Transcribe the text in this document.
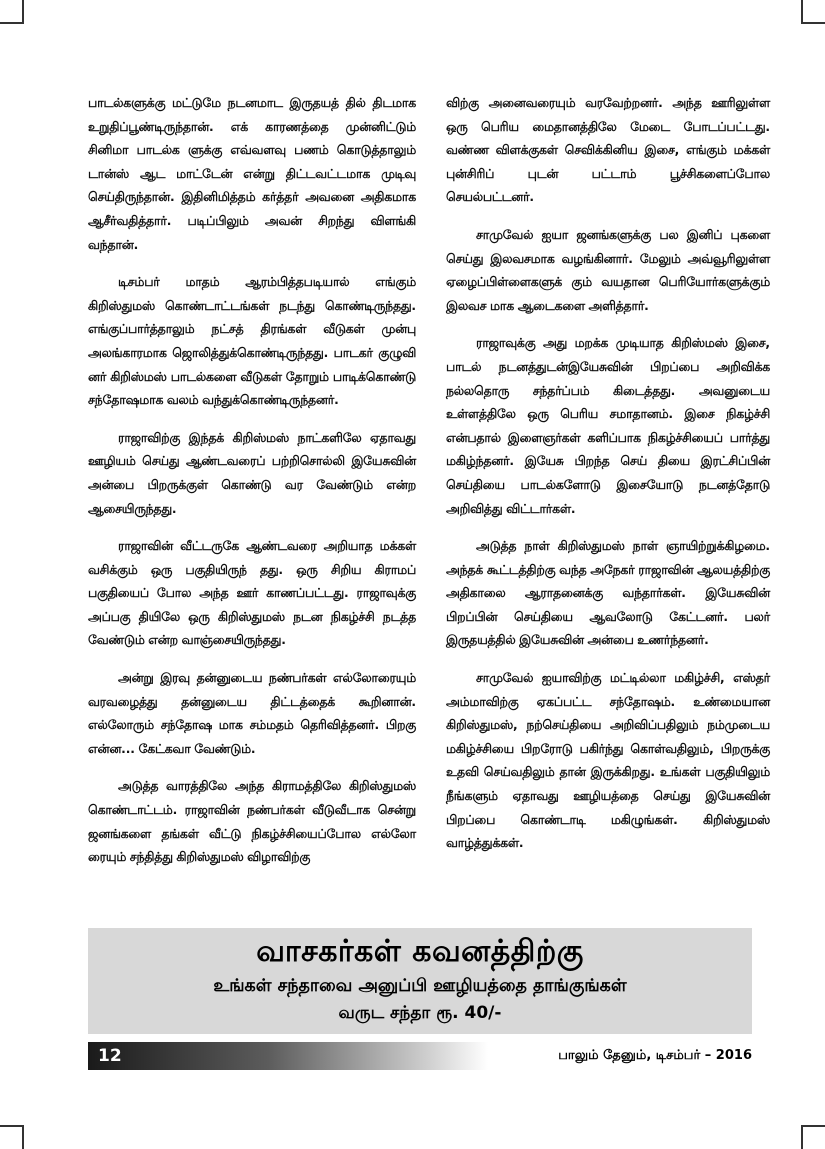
பாடல்களுக்கு மட்டுமே நடனமாட இருதயத் தில் திடமாக உறுதிப்பூண்டிருந்தான். எக் காரணத்தை முன்னிட்டும் சினிமா பாடல்க ளுக்கு எவ்வளவு பணம் கொடுத்தாலும் டான்ஸ் ஆட மாட்டேன் என்று திட்டவட்டமாக முடிவு செய்திருந்தான். இதினிமித்தம் கர்த்தர் அவனை அதிகமாக ஆசீர்வதித்தார். படிப்பிலும் அவன் சிறந்து விளங்கி வந்தான்.

டிசம்பர் மாதம் ஆரம்பித்தபடியால் எங்கும் கிறிஸ்துமஸ் கொண்டாட்டங்கள் நடந்து கொண்டிருந்தது. எங்குப்பார்த்தாலும் நட்சத் திரங்கள் வீடுகள் முன்பு அலங்காரமாக ஜொலித்துக்கொண்டிருந்தது. பாடகர் குழுவி னர் கிறிஸ்மஸ் பாடல்களை வீடுகள் தோறும் பாடிக்கொண்டு சந்தோஷமாக வலம் வந்துக்கொண்டிருந்தனர்.

ராஜாவிற்கு இந்தக் கிறிஸ்மஸ் நாட்களிலே ஏதாவது ஊழியம் செய்து ஆண்டவரைப் பற்றிசொல்லி இயேசுவின் அன்பை பிறருக்குள் கொண்டு வர வேண்டும் என்ற ஆசையிருந்தது.

ராஜாவின் வீட்டருகே ஆண்டவரை அறியாத மக்கள் வசிக்கும் ஒரு பகுதியிருந் தது. ஒரு சிறிய கிராமப் பகுதியைப் போல அந்த ஊர் காணப்பட்டது. ராஜாவுக்கு அப்பகு தியிலே ஒரு கிறிஸ்துமஸ் நடன நிகழ்ச்சி நடத்த வேண்டும் என்ற வாஞ்சையிருந்தது.

அன்று இரவு தன்னுடைய நண்பர்கள் எல்லோரையும் வரவழைத்து தன்னுடைய திட்டத்தைக் கூறினான். எல்லோரும் சந்தோஷ மாக சம்மதம் தெரிவித்தனர். பிறகு என்ன... கேட்கவா வேண்டும்.

அடுத்த வாரத்திலே அந்த கிராமத்திலே கிறிஸ்துமஸ் கொண்டாட்டம். ராஜாவின் நண்பர்கள் வீடுவீடாக சென்று ஜனங்களை தங்கள் வீட்டு நிகழ்ச்சியைப்போல எல்லோ ரையும் சந்தித்து கிறிஸ்துமஸ் விழாவிற்கு

விற்கு அனைவரையும் வரவேற்றனர். அந்த ஊரிலுள்ள ஒரு பெரிய மைதானத்திலே மேடை போடப்பட்டது. வண்ண விளக்குகள் செவிக்கினிய இசை, எங்கும் மக்கள் புன்சிரிப் புடன் பட்டாம் பூச்சிகளைப்போல செயல்பட்டனர்.

சாமுவேல் ஐயா ஜனங்களுக்கு பல இனிப் புகளை செய்து இலவசமாக வழங்கினார். மேலும் அவ்வூரிலுள்ள ஏழைப்பிள்ளைகளுக் கும் வயதான பெரியோர்களுக்கும் இலவச மாக ஆடைகளை அளித்தார்.

ராஜாவுக்கு அது மறக்க முடியாத கிறிஸ்மஸ் இசை, பாடல் நடனத்துடன்இயேசுவின் பிறப்பை அறிவிக்க நல்லதொரு சந்தர்ப்பம் கிடைத்தது. அவனுடைய உள்ளத்திலே ஒரு பெரிய சமாதானம். இசை நிகழ்ச்சி என்பதால் இளைஞர்கள் களிப்பாக நிகழ்ச்சியைப் பார்த்து மகிழ்ந்தனர். இயேசு பிறந்த செய் தியை இரட்சிப்பின் செய்தியை பாடல்களோடு இசையோடு நடனத்தோடு அறிவித்து விட்டார்கள்.

அடுத்த நாள் கிறிஸ்துமஸ் நாள் ஞாயிற்றுக்கிழமை. அந்தக் கூட்டத்திற்கு வந்த அநேகர் ராஜாவின் ஆலயத்திற்கு அதிகாலை ஆராதனைக்கு வந்தார்கள். இயேசுவின் பிறப்பின் செய்தியை ஆவலோடு கேட்டனர். பலர் இருதயத்தில் இயேசுவின் அன்பை உணர்ந்தனர்.

சாமுவேல் ஐயாவிற்கு மட்டில்லா மகிழ்ச்சி, எஸ்தர் அம்மாவிற்கு ஏகப்பட்ட சந்தோஷம். உண்மையான கிறிஸ்துமஸ், நற்செய்தியை அறிவிப்பதிலும் நம்முடைய மகிழ்ச்சியை பிறரோடு பகிர்ந்து கொள்வதிலும், பிறருக்கு உதவி செய்வதிலும் தான் இருக்கிறது. உங்கள் பகுதியிலும் நீங்களும் ஏதாவது ஊழியத்தை செய்து இயேசுவின் பிறப்பை கொண்டாடி மகிழுங்கள். கிறிஸ்துமஸ் வாழ்த்துக்கள்.

வாசகர்கள் கவனத்திற்கு
உங்கள் சந்தாவை அனுப்பி ஊழியத்தை தாங்குங்கள்
வருட சந்தா ரூ. 40/-
12	பாலும் தேனும், டிசம்பர் – 2016
